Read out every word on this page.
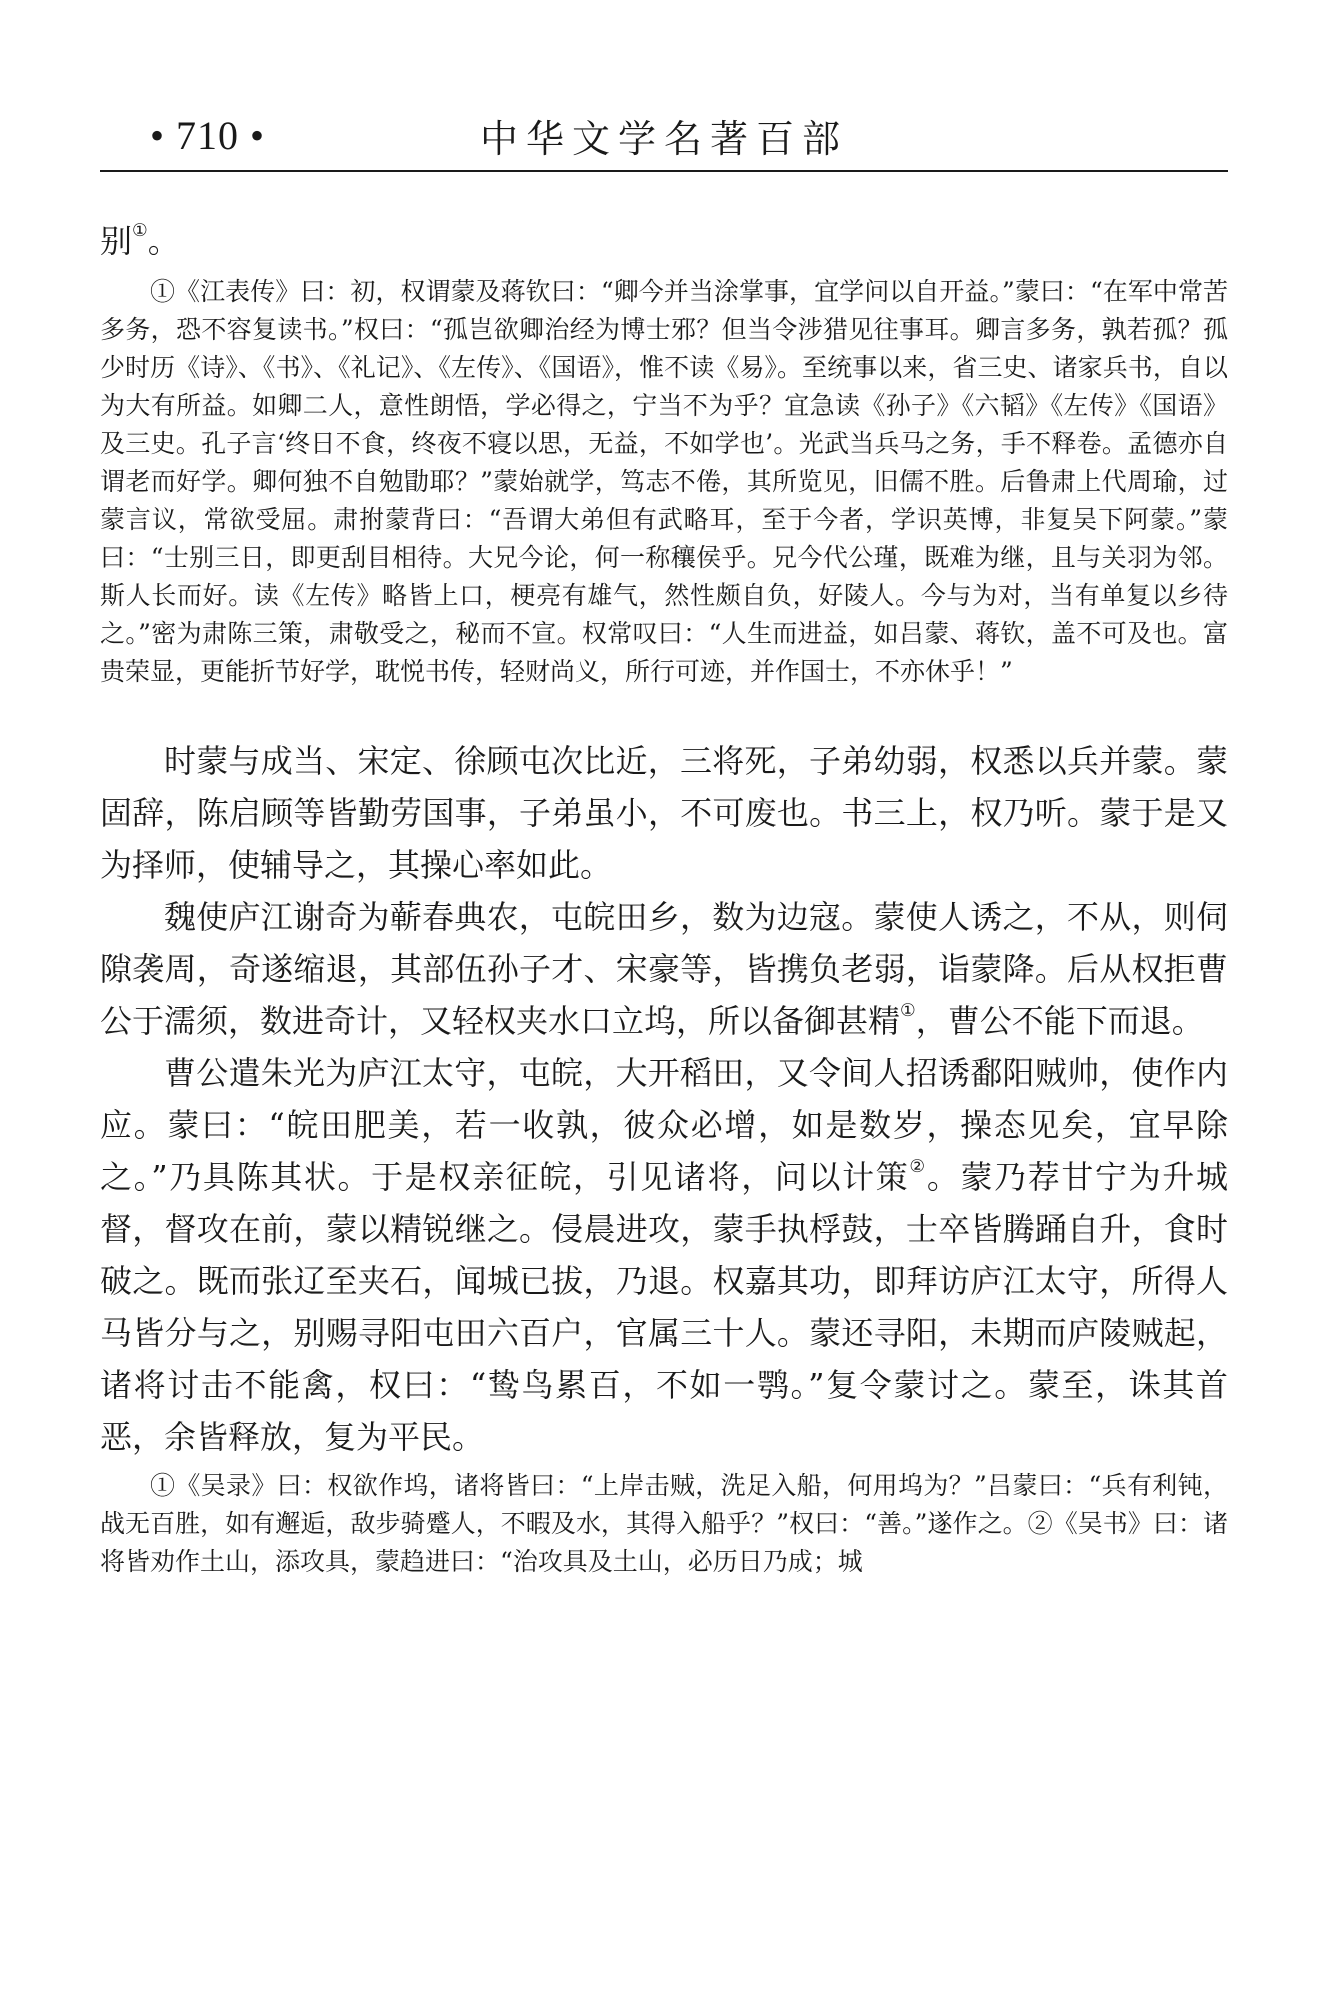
• 710 •	中华文学名著百部

别①。

①《江表传》曰：初，权谓蒙及蒋钦曰：“卿今并当涂掌事，宜学问以自开益。”蒙曰：“在军中常苦多务，恐不容复读书。”权曰：“孤岂欲卿治经为博士邪？但当令涉猎见往事耳。卿言多务，孰若孤？孤少时历《诗》、《书》、《礼记》、《左传》、《国语》，惟不读《易》。至统事以来，省三史、诸家兵书，自以为大有所益。如卿二人，意性朗悟，学必得之，宁当不为乎？宜急读《孙子》《六韬》《左传》《国语》及三史。孔子言‘终日不食，终夜不寝以思，无益，不如学也’。光武当兵马之务，手不释卷。孟德亦自谓老而好学。卿何独不自勉勖耶？”蒙始就学，笃志不倦，其所览见，旧儒不胜。后鲁肃上代周瑜，过蒙言议，常欲受屈。肃拊蒙背曰：“吾谓大弟但有武略耳，至于今者，学识英博，非复吴下阿蒙。”蒙曰：“士别三日，即更刮目相待。大兄今论，何一称穰侯乎。兄今代公瑾，既难为继，且与关羽为邻。斯人长而好。读《左传》略皆上口，梗亮有雄气，然性颇自负，好陵人。今与为对，当有单复以乡待之。”密为肃陈三策，肃敬受之，秘而不宣。权常叹曰：“人生而进益，如吕蒙、蒋钦，盖不可及也。富贵荣显，更能折节好学，耽悦书传，轻财尚义，所行可迹，并作国士，不亦休乎！”

时蒙与成当、宋定、徐顾屯次比近，三将死，子弟幼弱，权悉以兵并蒙。蒙固辞，陈启顾等皆勤劳国事，子弟虽小，不可废也。书三上，权乃听。蒙于是又为择师，使辅导之，其操心率如此。

魏使庐江谢奇为蕲春典农，屯皖田乡，数为边寇。蒙使人诱之，不从，则伺隙袭周，奇遂缩退，其部伍孙子才、宋豪等，皆携负老弱，诣蒙降。后从权拒曹公于濡须，数进奇计，又轻权夹水口立坞，所以备御甚精①，曹公不能下而退。

曹公遣朱光为庐江太守，屯皖，大开稻田，又令间人招诱鄱阳贼帅，使作内应。蒙曰：“皖田肥美，若一收孰，彼众必增，如是数岁，操态见矣，宜早除之。”乃具陈其状。于是权亲征皖，引见诸将，问以计策②。蒙乃荐甘宁为升城督，督攻在前，蒙以精锐继之。侵晨进攻，蒙手执桴鼓，士卒皆腾踊自升，食时破之。既而张辽至夹石，闻城已拔，乃退。权嘉其功，即拜访庐江太守，所得人马皆分与之，别赐寻阳屯田六百户，官属三十人。蒙还寻阳，未期而庐陵贼起，诸将讨击不能禽，权曰：“鸷鸟累百，不如一鹗。”复令蒙讨之。蒙至，诛其首恶，余皆释放，复为平民。

①《吴录》曰：权欲作坞，诸将皆曰：“上岸击贼，洗足入船，何用坞为？”吕蒙曰：“兵有利钝，战无百胜，如有邂逅，敌步骑蹙人，不暇及水，其得入船乎？”权曰：“善。”遂作之。②《吴书》曰：诸将皆劝作土山，添攻具，蒙趋进曰：“治攻具及土山，必历日乃成；城
